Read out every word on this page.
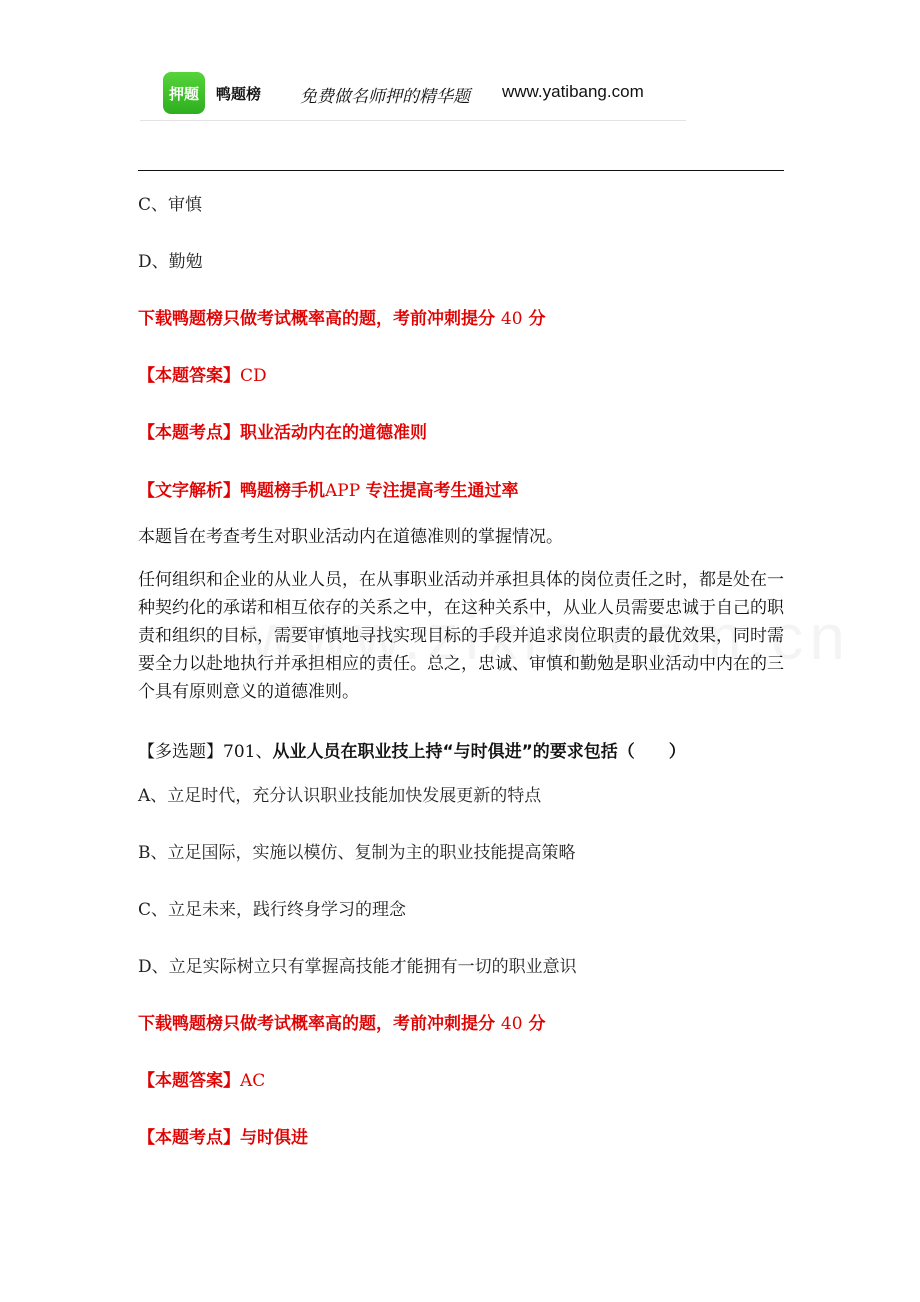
押题	鸭题榜 免费做名师押的精华题 www.yatibang.com
C、审慎
D、勤勉
下载鸭题榜只做考试概率高的题，考前冲刺提分 40 分
【本题答案】CD
【本题考点】职业活动内在的道德准则
【文字解析】鸭题榜手机APP 专注提高考生通过率
本题旨在考查考生对职业活动内在道德准则的掌握情况。
任何组织和企业的从业人员，在从事职业活动并承担具体的岗位责任之时，都是处在一种契约化的承诺和相互依存的关系之中，在这种关系中，从业人员需要忠诚于自己的职责和组织的目标，需要审慎地寻找实现目标的手段并追求岗位职责的最优效果，同时需要全力以赴地执行并承担相应的责任。总之，忠诚、审慎和勤勉是职业活动中内在的三个具有原则意义的道德准则。
【多选题】701、从业人员在职业技上持“与时俱进”的要求包括（　　）
A、立足时代，充分认识职业技能加快发展更新的特点
B、立足国际，实施以模仿、复制为主的职业技能提高策略
C、立足未来，践行终身学习的理念
D、立足实际树立只有掌握高技能才能拥有一切的职业意识
下载鸭题榜只做考试概率高的题，考前冲刺提分 40 分
【本题答案】AC
【本题考点】与时俱进
